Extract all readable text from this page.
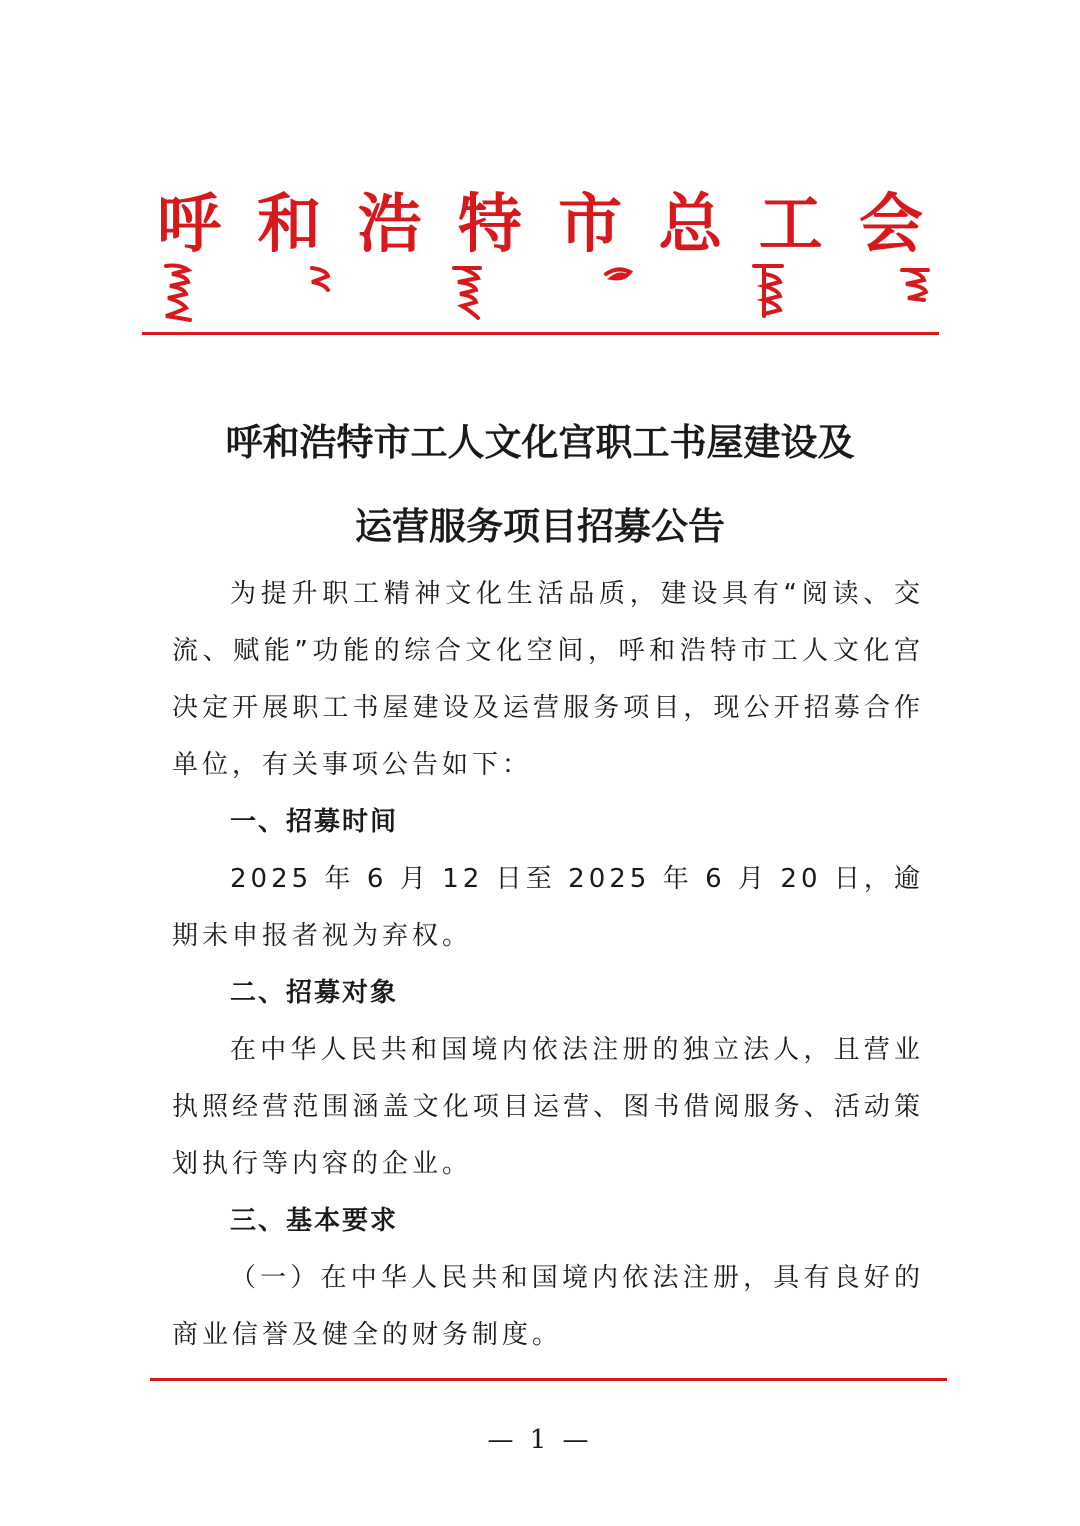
呼 和 浩 特 市 总 工 会
呼和浩特市工人文化宫职工书屋建设及
运营服务项目招募公告

为提升职工精神文化生活品质，建设具有“阅读、交流、赋能”功能的综合文化空间，呼和浩特市工人文化宫决定开展职工书屋建设及运营服务项目，现公开招募合作单位，有关事项公告如下：

一、招募时间

2025 年 6 月 12 日至 2025 年 6 月 20 日，逾期未申报者视为弃权。

二、招募对象

在中华人民共和国境内依法注册的独立法人，且营业执照经营范围涵盖文化项目运营、图书借阅服务、活动策划执行等内容的企业。

三、基本要求

（一）在中华人民共和国境内依法注册，具有良好的商业信誉及健全的财务制度。

— 1 —
